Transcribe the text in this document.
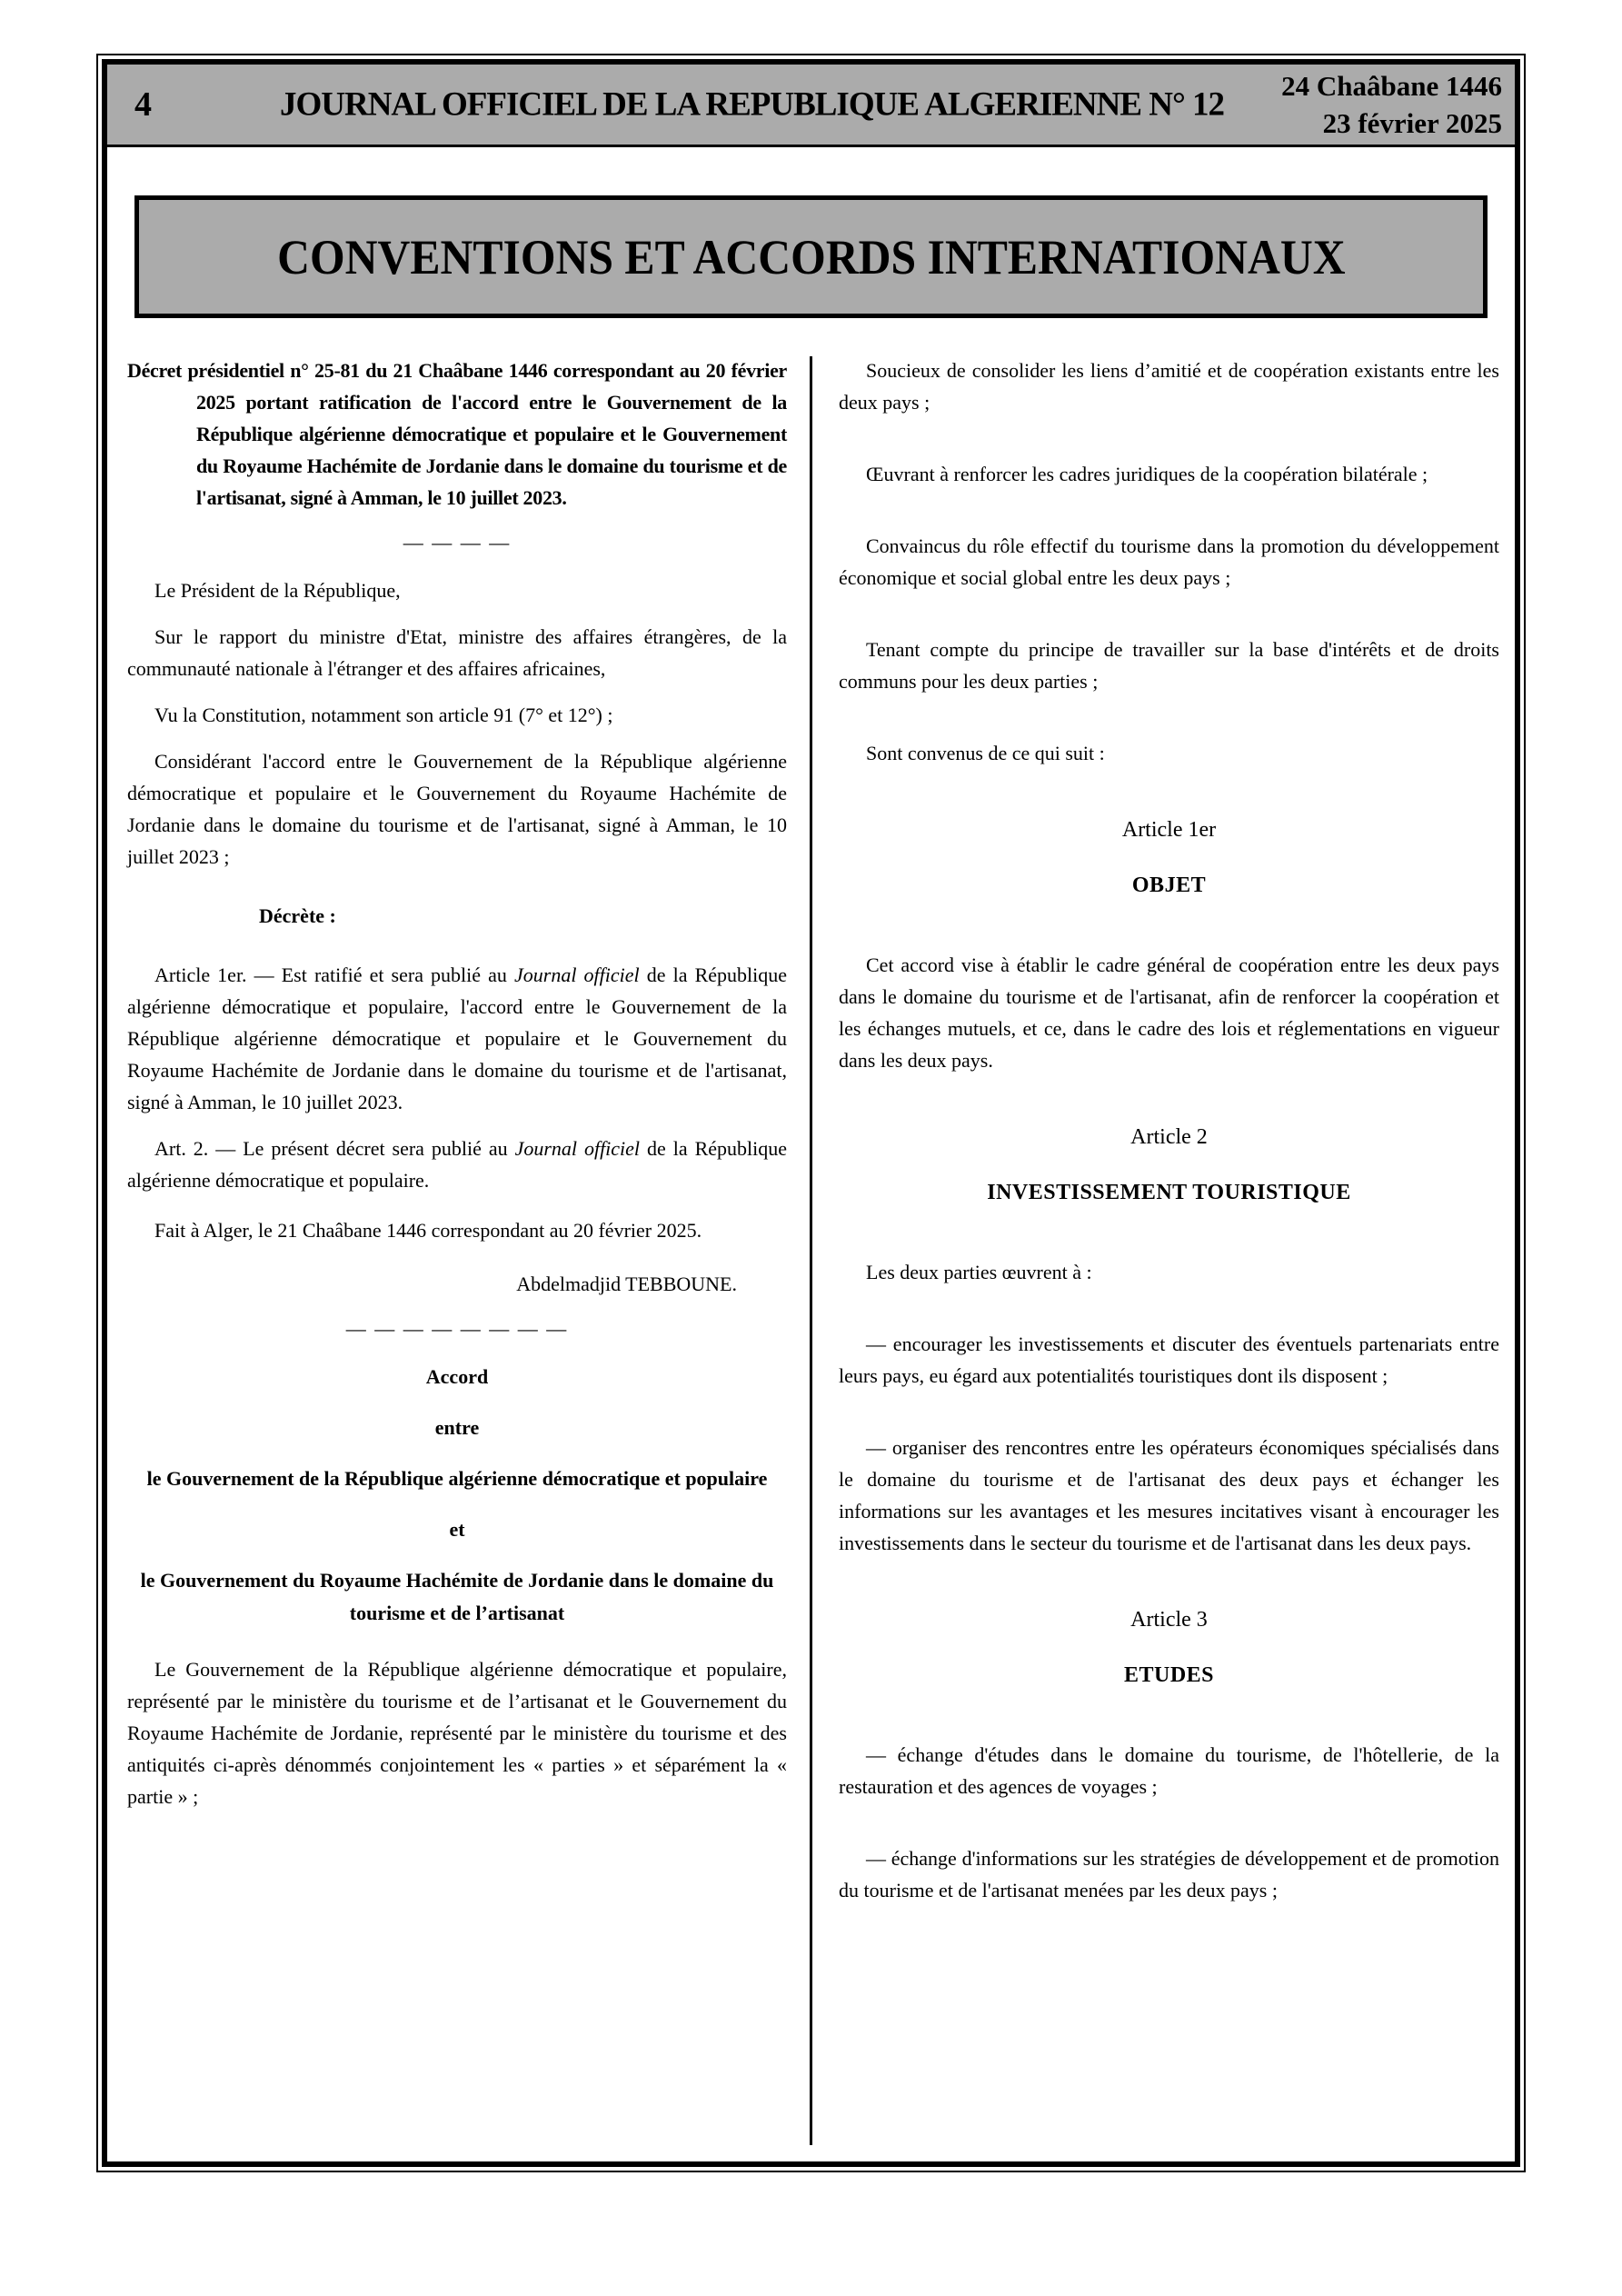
4	JOURNAL OFFICIEL DE LA REPUBLIQUE ALGERIENNE N° 12	24 Chaâbane 1446
23 février 2025
CONVENTIONS ET ACCORDS INTERNATIONAUX

Décret présidentiel n° 25-81 du 21 Chaâbane 1446 correspondant au 20 février 2025 portant ratification de l'accord entre le Gouvernement de la République algérienne démocratique et populaire et le Gouvernement du Royaume Hachémite de Jordanie dans le domaine du tourisme et de l'artisanat, signé à Amman, le 10 juillet 2023.

— — — —

Le Président de la République,

Sur le rapport du ministre d'Etat, ministre des affaires étrangères, de la communauté nationale à l'étranger et des affaires africaines,

Vu la Constitution, notamment son article 91 (7° et 12°) ;

Considérant l'accord entre le Gouvernement de la République algérienne démocratique et populaire et le Gouvernement du Royaume Hachémite de Jordanie dans le domaine du tourisme et de l'artisanat, signé à Amman, le 10 juillet 2023 ;

Décrète :

Article 1er. — Est ratifié et sera publié au Journal officiel de la République algérienne démocratique et populaire, l'accord entre le Gouvernement de la République algérienne démocratique et populaire et le Gouvernement du Royaume Hachémite de Jordanie dans le domaine du tourisme et de l'artisanat, signé à Amman, le 10 juillet 2023.

Art. 2. — Le présent décret sera publié au Journal officiel de la République algérienne démocratique et populaire.

Fait à Alger, le 21 Chaâbane 1446 correspondant au 20 février 2025.

Abdelmadjid TEBBOUNE.

— — — — — — — —

Accord

entre

le Gouvernement de la République algérienne démocratique et populaire

et

le Gouvernement du Royaume Hachémite de Jordanie dans le domaine du tourisme et de l’artisanat

Le Gouvernement de la République algérienne démocratique et populaire, représenté par le ministère du tourisme et de l’artisanat et le Gouvernement du Royaume Hachémite de Jordanie, représenté par le ministère du tourisme et des antiquités ci-après dénommés conjointement les « parties » et séparément la « partie » ;

Soucieux de consolider les liens d’amitié et de coopération existants entre les deux pays ;

Œuvrant à renforcer les cadres juridiques de la coopération bilatérale ;

Convaincus du rôle effectif du tourisme dans la promotion du développement économique et social global entre les deux pays ;

Tenant compte du principe de travailler sur la base d'intérêts et de droits communs pour les deux parties ;

Sont convenus de ce qui suit :

Article 1er

OBJET

Cet accord vise à établir le cadre général de coopération entre les deux pays dans le domaine du tourisme et de l'artisanat, afin de renforcer la coopération et les échanges mutuels, et ce, dans le cadre des lois et réglementations en vigueur dans les deux pays.

Article 2

INVESTISSEMENT TOURISTIQUE

Les deux parties œuvrent à :

— encourager les investissements et discuter des éventuels partenariats entre leurs pays, eu égard aux potentialités touristiques dont ils disposent ;

— organiser des rencontres entre les opérateurs économiques spécialisés dans le domaine du tourisme et de l'artisanat des deux pays et échanger les informations sur les avantages et les mesures incitatives visant à encourager les investissements dans le secteur du tourisme et de l'artisanat dans les deux pays.

Article 3

ETUDES

— échange d'études dans le domaine du tourisme, de l'hôtellerie, de la restauration et des agences de voyages ;

— échange d'informations sur les stratégies de développement et de promotion du tourisme et de l'artisanat menées par les deux pays ;
